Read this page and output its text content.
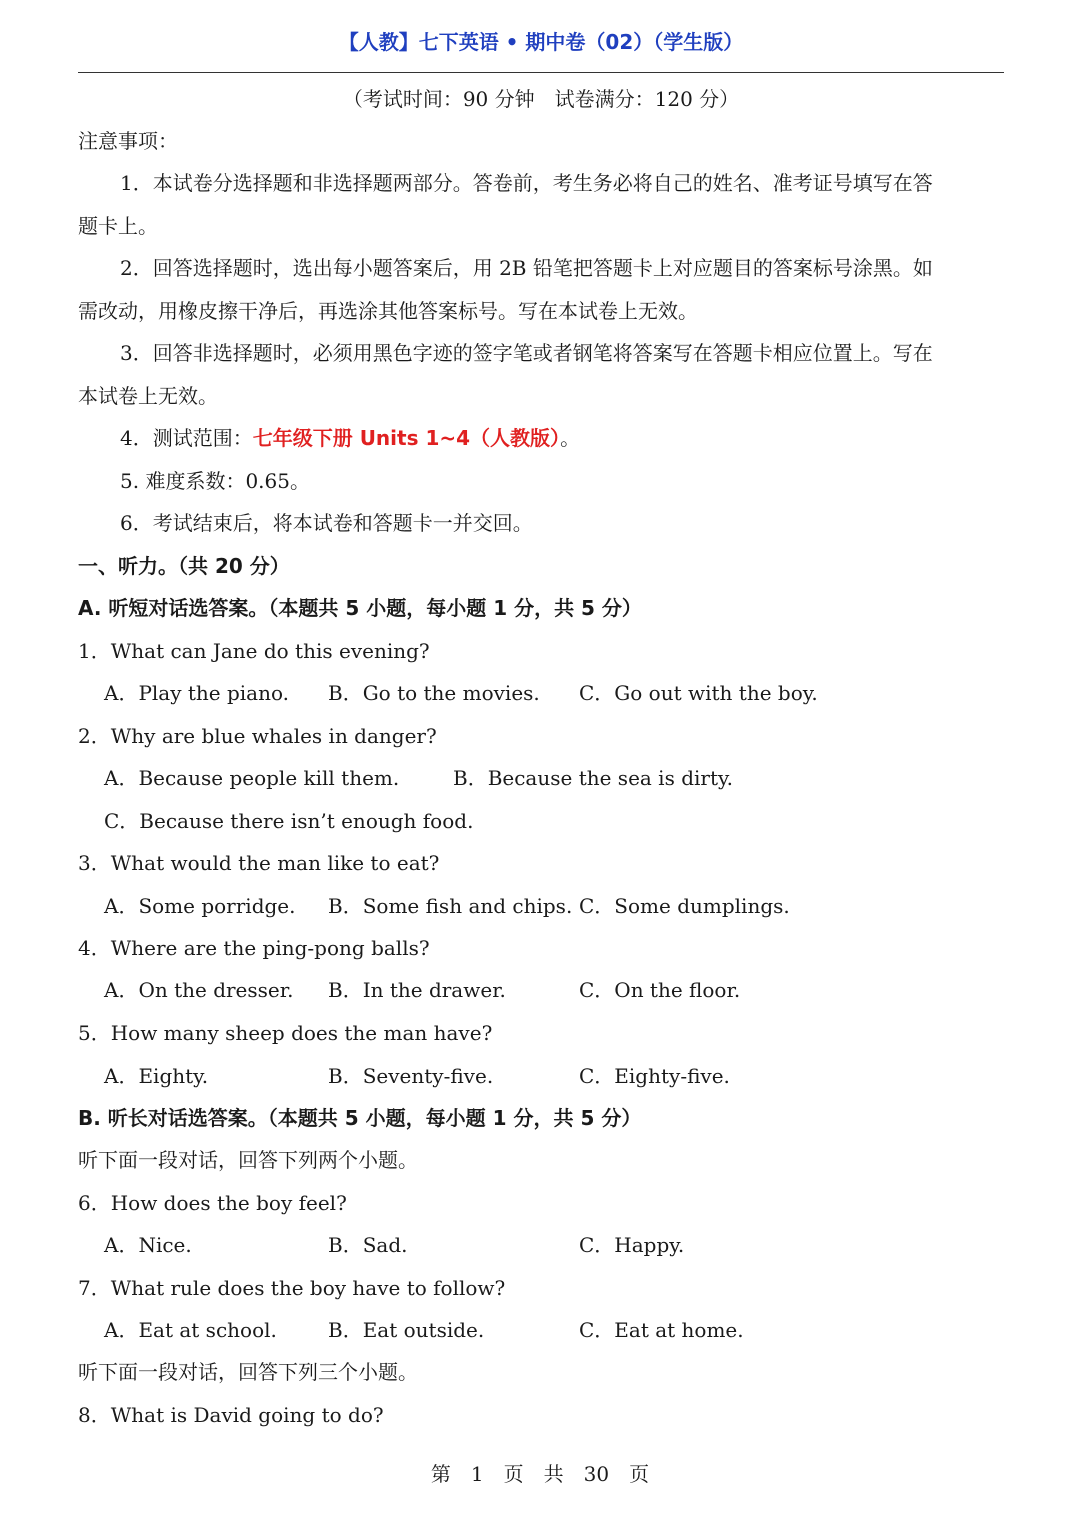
【人教】七下英语 • 期中卷（02）（学生版）
（考试时间：90 分钟　试卷满分：120 分）
注意事项：
1．本试卷分选择题和非选择题两部分。答卷前，考生务必将自己的姓名、准考证号填写在答
题卡上。
2．回答选择题时，选出每小题答案后，用 2B 铅笔把答题卡上对应题目的答案标号涂黑。如
需改动，用橡皮擦干净后，再选涂其他答案标号。写在本试卷上无效。
3．回答非选择题时，必须用黑色字迹的签字笔或者钢笔将答案写在答题卡相应位置上。写在
本试卷上无效。
4．测试范围：七年级下册 Units 1~4（人教版）。
5. 难度系数：0.65。
6．考试结束后，将本试卷和答题卡一并交回。
一、听力。（共 20 分）
A. 听短对话选答案。（本题共 5 小题，每小题 1 分，共 5 分）
1．What can Jane do this evening?
A．Play the piano. B．Go to the movies. C．Go out with the boy.
2．Why are blue whales in danger?
A．Because people kill them.	B．Because the sea is dirty.
C．Because there isn’t enough food.
3．What would the man like to eat?
A．Some porridge. B．Some fish and chips. C．Some dumplings.
4．Where are the ping-pong balls?
A．On the dresser. B．In the drawer.	C．On the floor.
5．How many sheep does the man have?
A．Eighty.	B．Seventy-five.	C．Eighty-five.
B. 听长对话选答案。（本题共 5 小题，每小题 1 分，共 5 分）
听下面一段对话，回答下列两个小题。
6．How does the boy feel?
A．Nice.	B．Sad.	C．Happy.
7．What rule does the boy have to follow?
A．Eat at school.	B．Eat outside.	C．Eat at home.
听下面一段对话，回答下列三个小题。
8．What is David going to do?
第　1　页　共　30　页
